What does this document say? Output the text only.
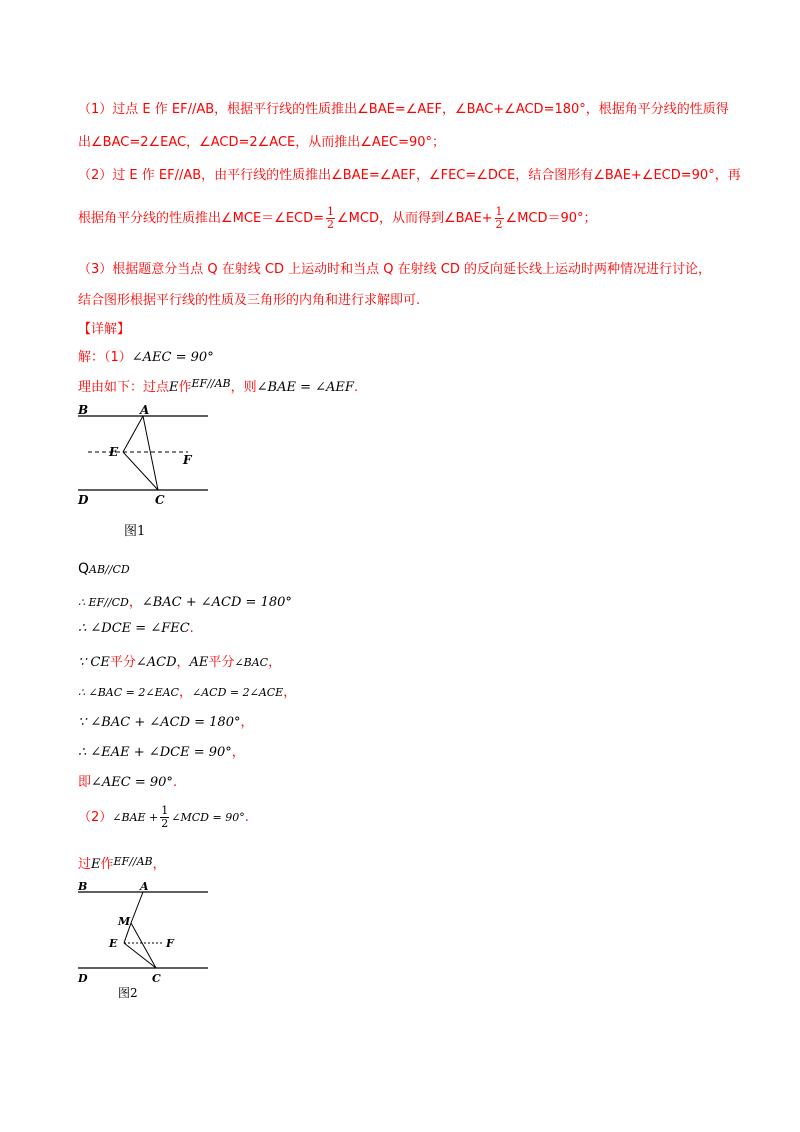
（1）过点 E 作 EF//AB，根据平行线的性质推出∠BAE=∠AEF，∠BAC+∠ACD=180°，根据角平分线的性质得
出∠BAC=2∠EAC，∠ACD=2∠ACE，从而推出∠AEC=90°；
（2）过 E 作 EF//AB，由平行线的性质推出∠BAE=∠AEF，∠FEC=∠DCE，结合图形有∠BAE+∠ECD=90°，再
根据角平分线的性质推出∠MCE＝∠ECD= $\frac{1}{2}$ ∠MCD，从而得到∠BAE+ $\frac{1}{2}$ ∠MCD＝90°；
（3）根据题意分当点 Q 在射线 CD 上运动时和当点 Q 在射线 CD 的反向延长线上运动时两种情况进行讨论，
结合图形根据平行线的性质及三角形的内角和进行求解即可.
【详解】
解：（1）∠AEC = 90°
理由如下：过点E作$^{EF//AB}$，则∠BAE = ∠AEF.
B	A
E
F
D	C
图1
QAB//CD
∴ EF//CD，∠BAC + ∠ACD = 180°
∴ ∠DCE = ∠FEC.
∵ CE平分∠ACD，AE平分∠BAC，
∴ ∠BAC = 2∠EAC，∠ACD = 2∠ACE，
∵ ∠BAC + ∠ACD = 180°，
∴ ∠EAE + ∠DCE = 90°，
即∠AEC = 90°.
（2）∠BAE + $\frac{1}{2}$ ∠MCD = 90°.
过E作$^{EF//AB}$，
B	A
M
E	F
D	C
图2
